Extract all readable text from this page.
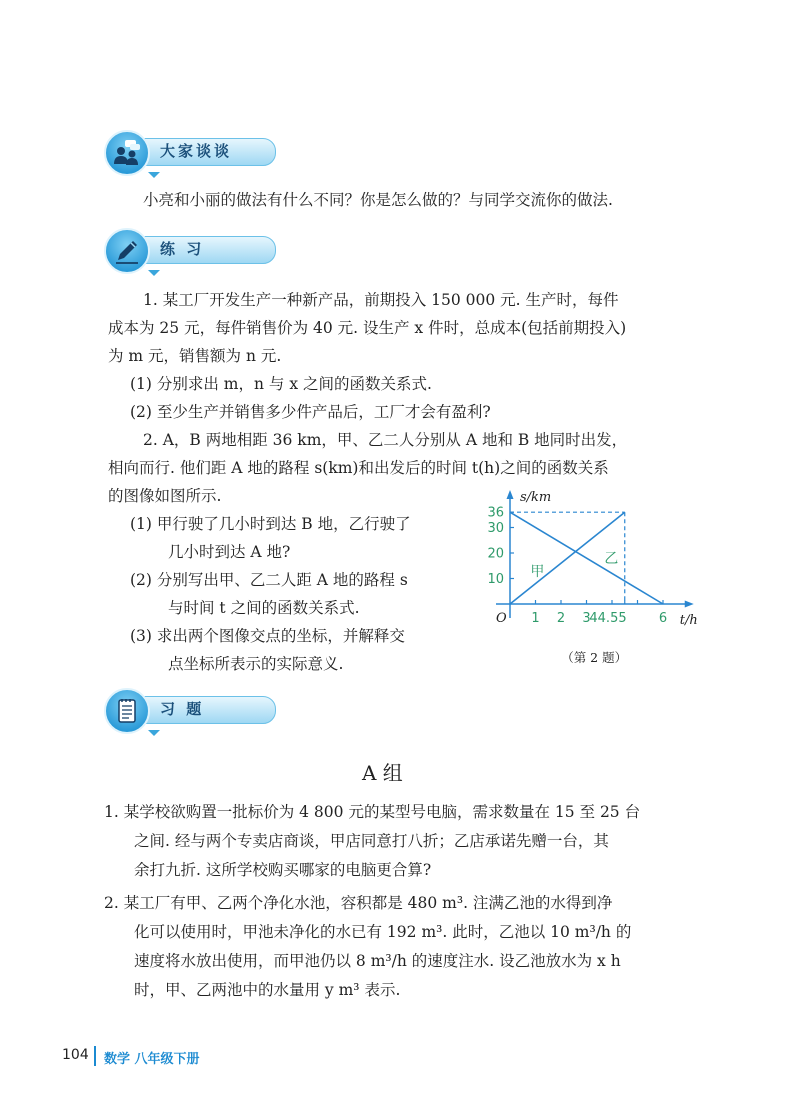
大家谈谈
小亮和小丽的做法有什么不同？你是怎么做的？与同学交流你的做法.
练 习
1. 某工厂开发生产一种新产品，前期投入 150 000 元. 生产时，每件
成本为 25 元，每件销售价为 40 元. 设生产 x 件时，总成本(包括前期投入)
为 m 元，销售额为 n 元.
(1) 分别求出 m，n 与 x 之间的函数关系式.
(2) 至少生产并销售多少件产品后，工厂才会有盈利?
2. A，B 两地相距 36 km，甲、乙二人分别从 A 地和 B 地同时出发，
相向而行. 他们距 A 地的路程 s(km)和出发后的时间 t(h)之间的函数关系
的图像如图所示.
(1) 甲行驶了几小时到达 B 地，乙行驶了
几小时到达 A 地?
(2) 分别写出甲、乙二人距 A 地的路程 s
与时间 t 之间的函数关系式.
(3) 求出两个图像交点的坐标，并解释交
点坐标所表示的实际意义.
s/km
t/h
O
甲
乙
1 2 3
44.55 6
10
20
30
36
（第 2 题）
习 题
A 组
1. 某学校欲购置一批标价为 4 800 元的某型号电脑，需求数量在 15 至 25 台
之间. 经与两个专卖店商谈，甲店同意打八折；乙店承诺先赠一台，其
余打九折. 这所学校购买哪家的电脑更合算?
2. 某工厂有甲、乙两个净化水池，容积都是 480 m³. 注满乙池的水得到净
化可以使用时，甲池未净化的水已有 192 m³. 此时，乙池以 10 m³/h 的
速度将水放出使用，而甲池仍以 8 m³/h 的速度注水. 设乙池放水为 x h
时，甲、乙两池中的水量用 y m³ 表示.
104 数学 八年级下册
